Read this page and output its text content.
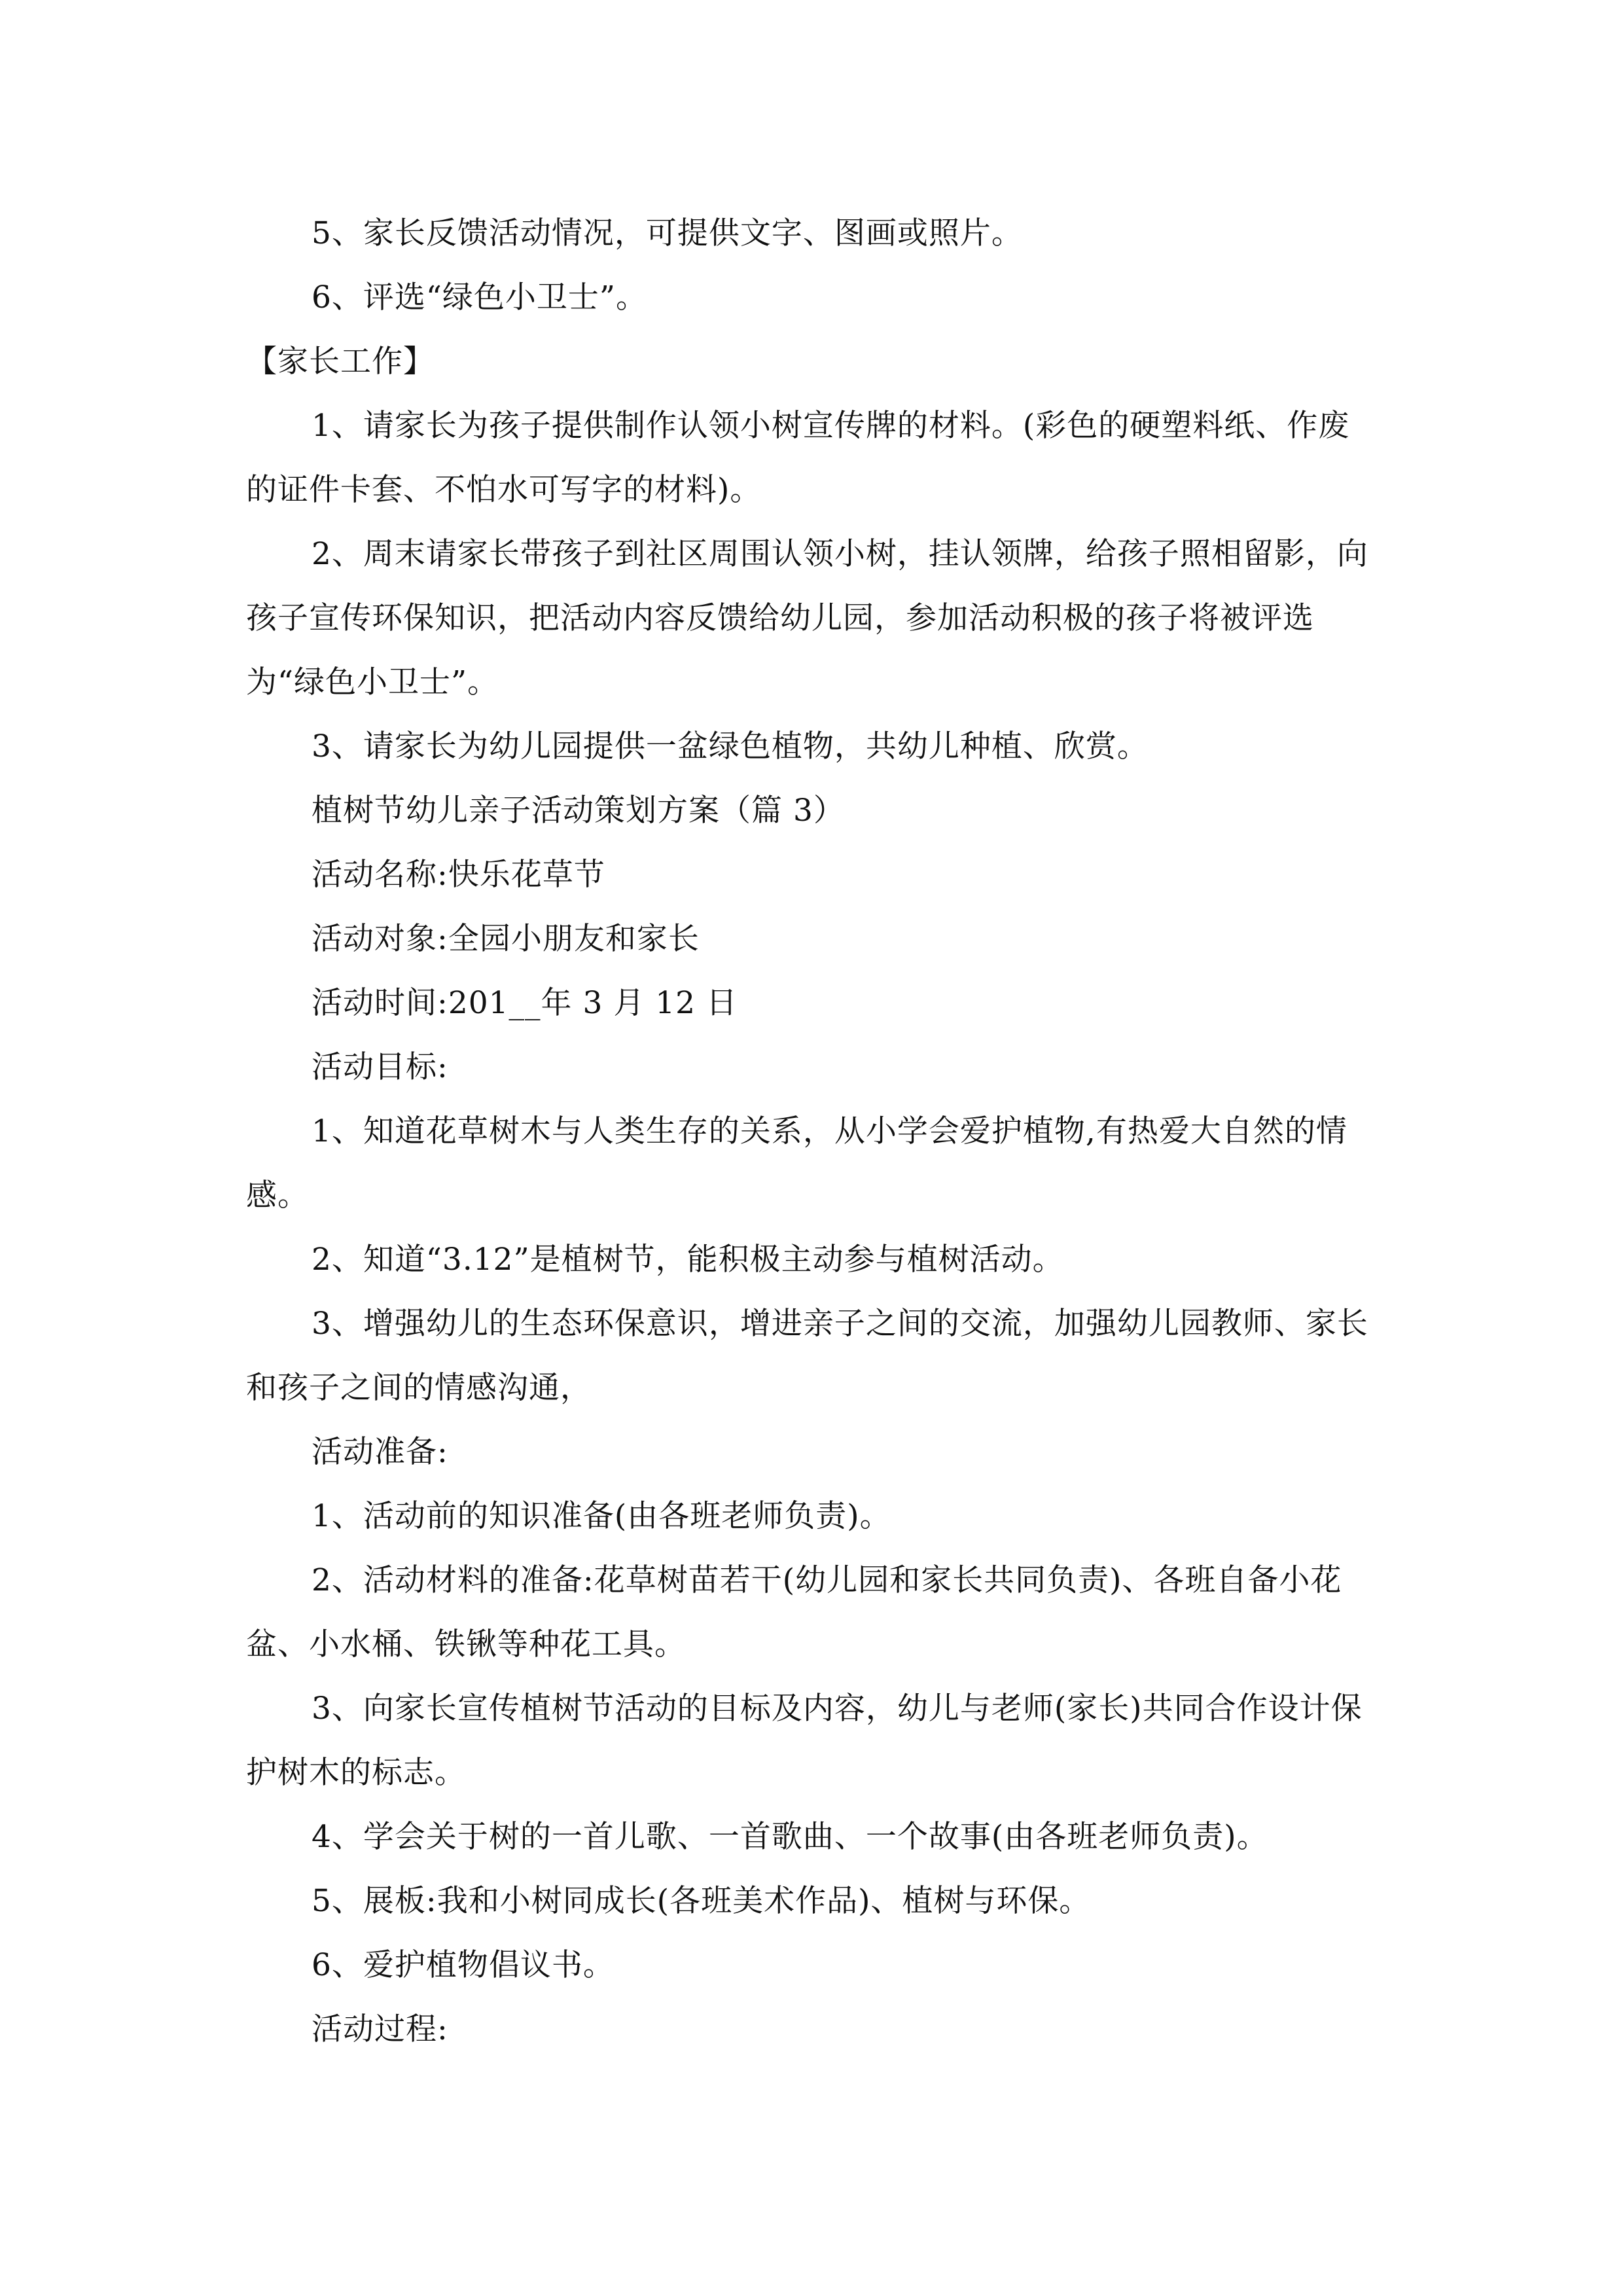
5、家长反馈活动情况，可提供文字、图画或照片。

6、评选“绿色小卫士”。

【家长工作】

1、请家长为孩子提供制作认领小树宣传牌的材料。(彩色的硬塑料纸、作废的证件卡套、不怕水可写字的材料)。

2、周末请家长带孩子到社区周围认领小树，挂认领牌，给孩子照相留影，向孩子宣传环保知识，把活动内容反馈给幼儿园，参加活动积极的孩子将被评选为“绿色小卫士”。

3、请家长为幼儿园提供一盆绿色植物，共幼儿种植、欣赏。

植树节幼儿亲子活动策划方案（篇 3）

活动名称:快乐花草节

活动对象:全园小朋友和家长

活动时间:201__年 3 月 12 日

活动目标:

1、知道花草树木与人类生存的关系，从小学会爱护植物,有热爱大自然的情感。

2、知道“3.12”是植树节，能积极主动参与植树活动。

3、增强幼儿的生态环保意识，增进亲子之间的交流，加强幼儿园教师、家长和孩子之间的情感沟通，

活动准备:

1、活动前的知识准备(由各班老师负责)。

2、活动材料的准备:花草树苗若干(幼儿园和家长共同负责)、各班自备小花盆、小水桶、铁锹等种花工具。

3、向家长宣传植树节活动的目标及内容，幼儿与老师(家长)共同合作设计保护树木的标志。

4、学会关于树的一首儿歌、一首歌曲、一个故事(由各班老师负责)。

5、展板:我和小树同成长(各班美术作品)、植树与环保。

6、爱护植物倡议书。

活动过程:
